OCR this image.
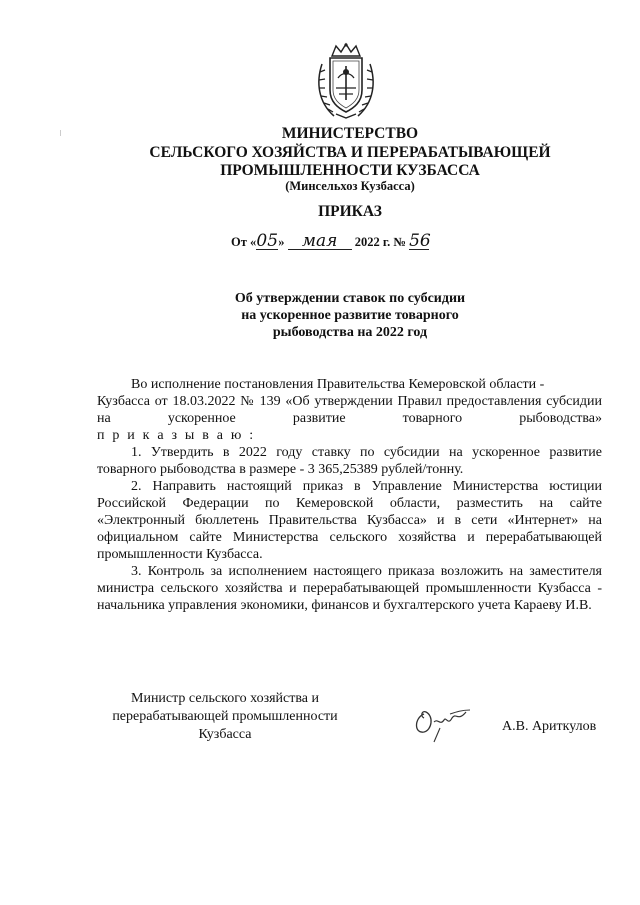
МИНИСТЕРСТВО
СЕЛЬСКОГО ХОЗЯЙСТВА И ПЕРЕРАБАТЫВАЮЩЕЙ
ПРОМЫШЛЕННОСТИ КУЗБАССА
(Минсельхоз Кузбасса)
ПРИКАЗ
От «05» мая 2022 г. № 56
Об утверждении ставок по субсидии
на ускоренное развитие товарного
рыбоводства на 2022 год

Во исполнение постановления Правительства Кемеровской области -

Кузбасса от 18.03.2022 № 139 «Об утверждении Правил предоставления субсидии на ускоренное развитие товарного рыбоводства»

п р и к а з ы в а ю :

1. Утвердить в 2022 году ставку по субсидии на ускоренное развитие товарного рыбоводства в размере - 3 365,25389 рублей/тонну.

2. Направить настоящий приказ в Управление Министерства юстиции Российской Федерации по Кемеровской области, разместить на сайте «Электронный бюллетень Правительства Кузбасса» и в сети «Интернет» на официальном сайте Министерства сельского хозяйства и перерабатывающей промышленности Кузбасса.

3. Контроль за исполнением настоящего приказа возложить на заместителя министра сельского хозяйства и перерабатывающей промышленности Кузбасса - начальника управления экономики, финансов и бухгалтерского учета Караеву И.В.

Министр сельского хозяйства и
перерабатывающей промышленности
Кузбасса
А.В. Ариткулов
